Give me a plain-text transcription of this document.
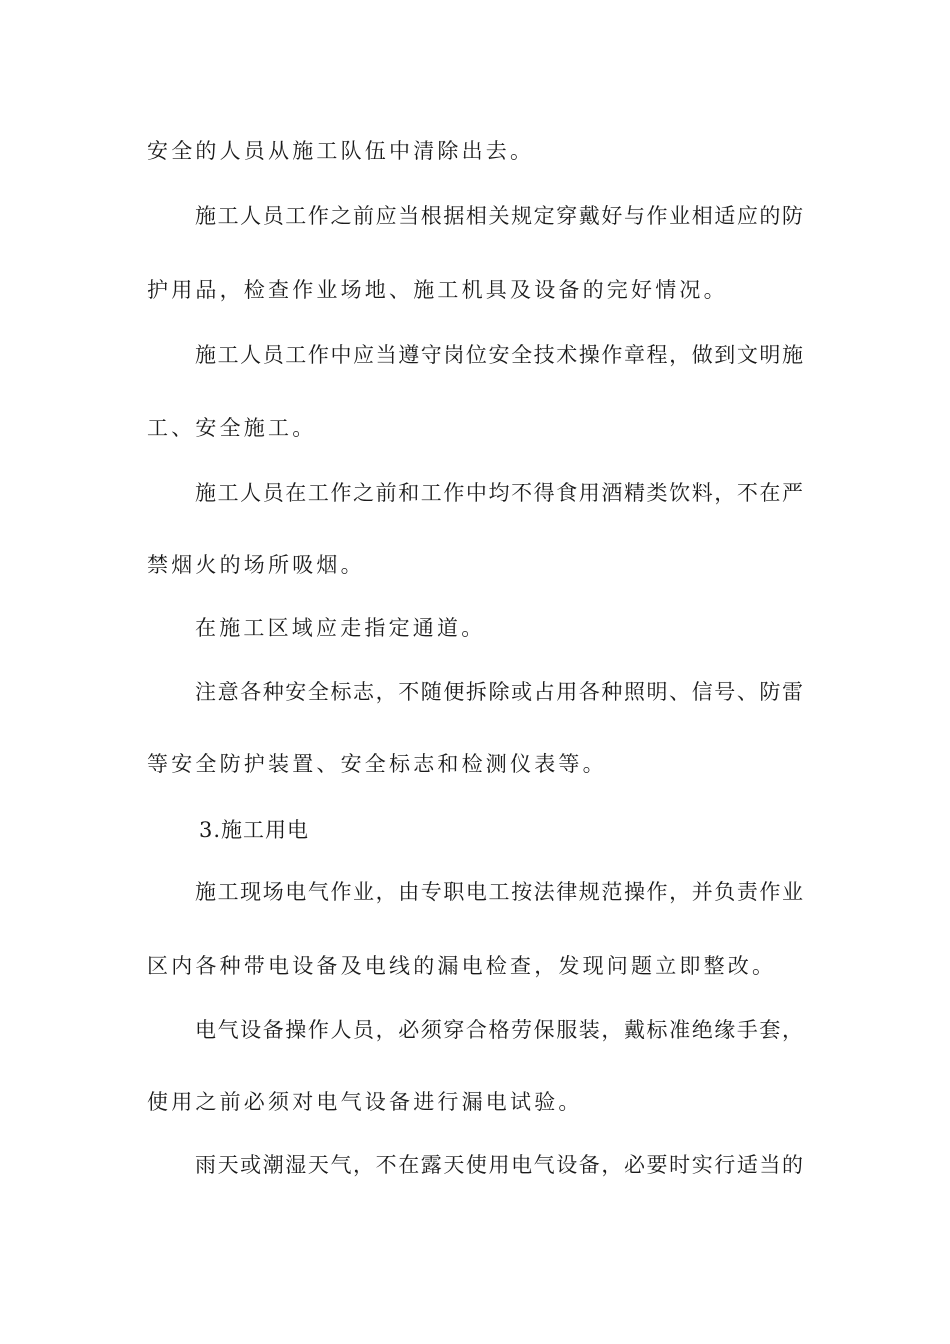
安全的人员从施工队伍中清除出去。
施工人员工作之前应当根据相关规定穿戴好与作业相适应的防
护用品，检查作业场地、施工机具及设备的完好情况。
施工人员工作中应当遵守岗位安全技术操作章程，做到文明施
工、安全施工。
施工人员在工作之前和工作中均不得食用酒精类饮料，不在严
禁烟火的场所吸烟。
在施工区域应走指定通道。
注意各种安全标志，不随便拆除或占用各种照明、信号、防雷
等安全防护装置、安全标志和检测仪表等。
3.施工用电
施工现场电气作业，由专职电工按法律规范操作，并负责作业
区内各种带电设备及电线的漏电检查，发现问题立即整改。
电气设备操作人员，必须穿合格劳保服装，戴标准绝缘手套，
使用之前必须对电气设备进行漏电试验。
雨天或潮湿天气，不在露天使用电气设备，必要时实行适当的
